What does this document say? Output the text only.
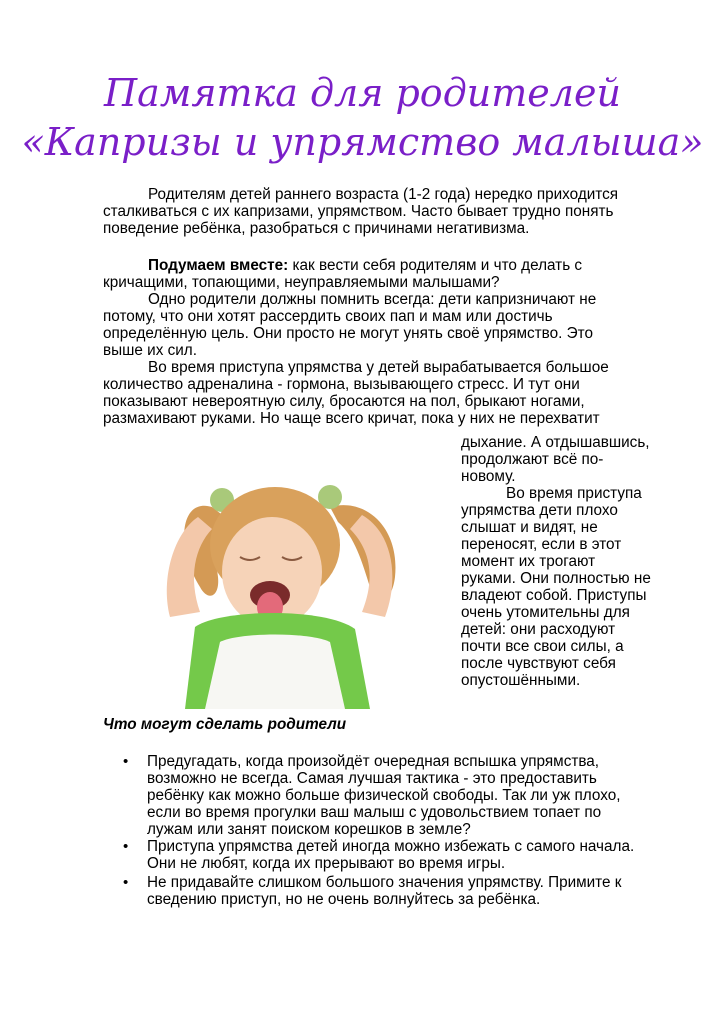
Памятка для родителей
«Капризы и упрямство малыша»
Родителям детей раннего возраста (1-2 года) нередко приходится
сталкиваться с их капризами, упрямством. Часто бывает трудно понять
поведение ребёнка, разобраться с причинами негативизма.
Подумаем вместе: как вести себя родителям и что делать с
кричащими, топающими, неуправляемыми малышами?
Одно родители должны помнить всегда: дети капризничают не
потому, что они хотят рассердить своих пап и мам или достичь
определённую цель. Они просто не могут унять своё упрямство. Это
выше их сил.
Во время приступа упрямства у детей вырабатывается большое
количество адреналина - гормона, вызывающего стресс. И тут они
показывают невероятную силу, бросаются на пол, брыкают ногами,
размахивают руками. Но чаще всего кричат, пока у них не перехватит
дыхание. А отдышавшись,
продолжают всё по-
новому.
Во время приступа
упрямства дети плохо
слышат и видят, не
переносят, если в этот
момент их трогают
руками. Они полностью не
владеют собой. Приступы
очень утомительны для
детей: они расходуют
почти все свои силы, а
после чувствуют себя
опустошёнными.
Что могут сделать родители
• Предугадать, когда произойдёт очередная вспышка упрямства,
возможно не всегда. Самая лучшая тактика - это предоставить
ребёнку как можно больше физической свободы. Так ли уж плохо,
если во время прогулки ваш малыш с удовольствием топает по
лужам или занят поиском корешков в земле?
• Приступа упрямства детей иногда можно избежать с самого начала.
Они не любят, когда их прерывают во время игры.
• Не придавайте слишком большого значения упрямству. Примите к
сведению приступ, но не очень волнуйтесь за ребёнка.
